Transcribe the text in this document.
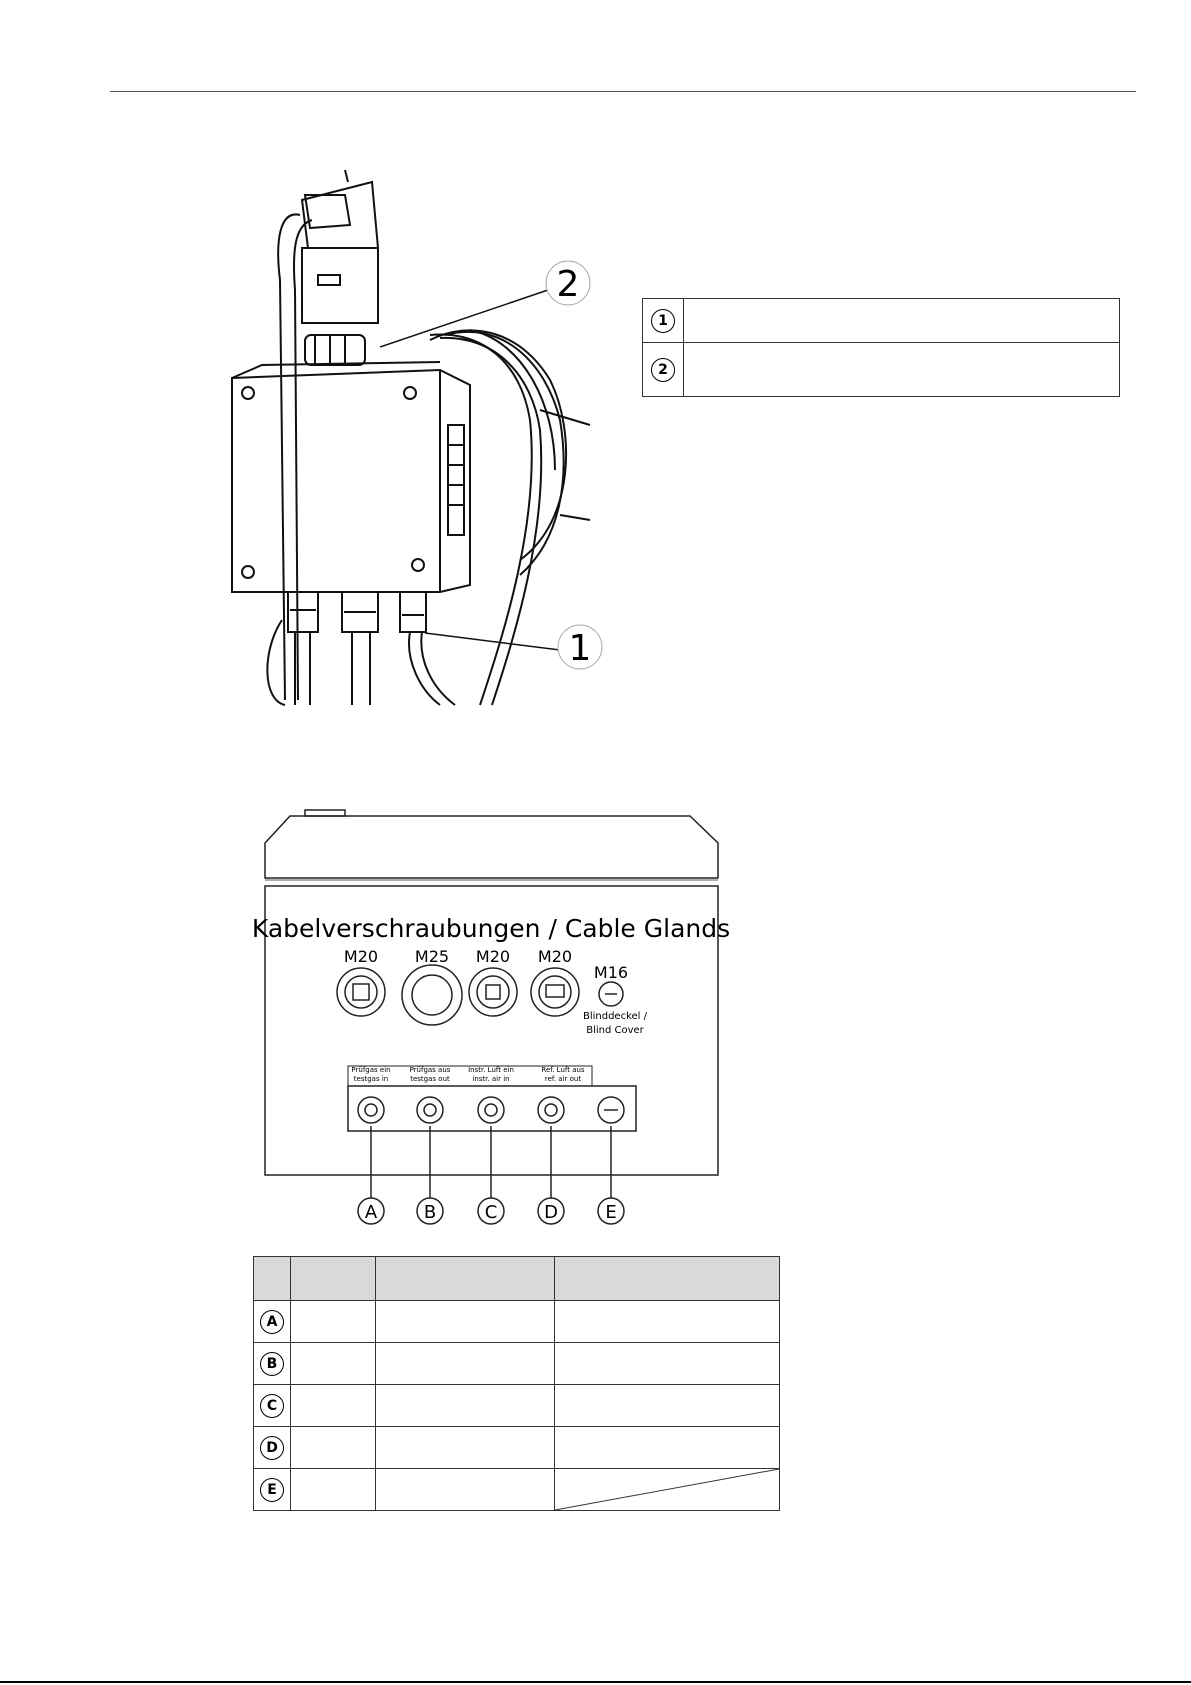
2
1
1	
2	
Kabelverschraubungen / Cable Glands
M20 M25 M20 M20
M16
Blinddeckel /
Blind Cover
Prüfgas ein
testgas in
Prüfgas aus
testgas out
Instr. Luft ein
instr. air in
Ref. Luft aus
ref. air out
A	B	C	D	E

A			
B			
C			
D			
E			
